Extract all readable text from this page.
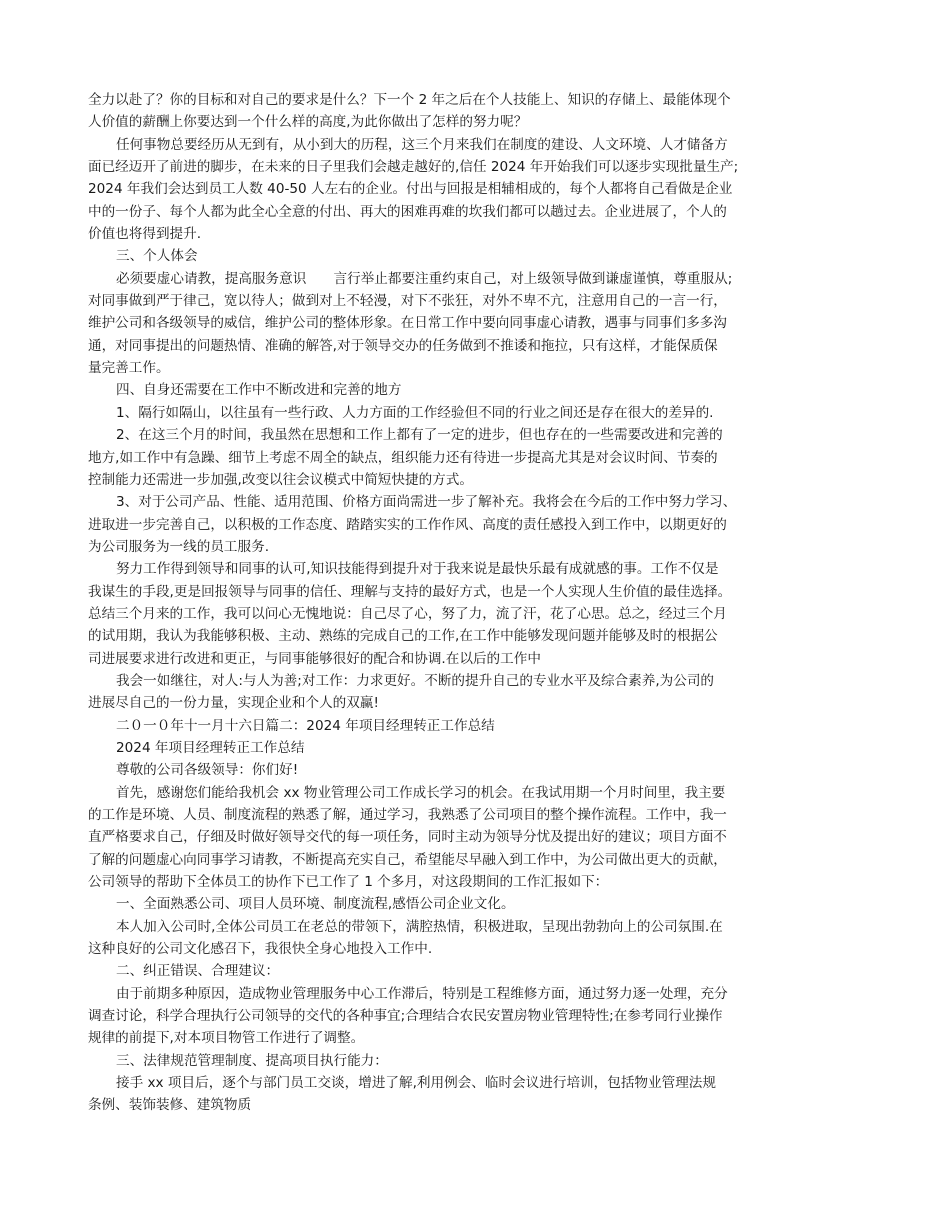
全力以赴了？你的目标和对自己的要求是什么？下一个 2 年之后在个人技能上、知识的存储上、最能体现个
人价值的薪酬上你要达到一个什么样的高度,为此你做出了怎样的努力呢？
任何事物总要经历从无到有，从小到大的历程，这三个月来我们在制度的建设、人文环境、人才储备方
面已经迈开了前进的脚步，在未来的日子里我们会越走越好的,信任 2024 年开始我们可以逐步实现批量生产;
2024 年我们会达到员工人数 40-50 人左右的企业。付出与回报是相辅相成的，每个人都将自己看做是企业
中的一份子、每个人都为此全心全意的付出、再大的困难再难的坎我们都可以趟过去。企业进展了，个人的
价值也将得到提升.
三、个人体会
必须要虚心请教，提高服务意识　　言行举止都要注重约束自己，对上级领导做到谦虚谨慎，尊重服从;
对同事做到严于律己，宽以待人；做到对上不轻漫，对下不张狂，对外不卑不亢，注意用自己的一言一行，
维护公司和各级领导的威信，维护公司的整体形象。在日常工作中要向同事虚心请教，遇事与同事们多多沟
通，对同事提出的问题热情、准确的解答,对于领导交办的任务做到不推诿和拖拉，只有这样，才能保质保
量完善工作。
四、自身还需要在工作中不断改进和完善的地方
1、隔行如隔山，以往虽有一些行政、人力方面的工作经验但不同的行业之间还是存在很大的差异的.
2、在这三个月的时间，我虽然在思想和工作上都有了一定的进步，但也存在的一些需要改进和完善的
地方,如工作中有急躁、细节上考虑不周全的缺点，组织能力还有待进一步提高尤其是对会议时间、节奏的
控制能力还需进一步加强,改变以往会议模式中简短快捷的方式。
3、对于公司产品、性能、适用范围、价格方面尚需进一步了解补充。我将会在今后的工作中努力学习、
进取进一步完善自己，以积极的工作态度、踏踏实实的工作作风、高度的责任感投入到工作中，以期更好的
为公司服务为一线的员工服务.
努力工作得到领导和同事的认可,知识技能得到提升对于我来说是最快乐最有成就感的事。工作不仅是
我谋生的手段,更是回报领导与同事的信任、理解与支持的最好方式，也是一个人实现人生价值的最佳选择。
总结三个月来的工作，我可以问心无愧地说：自己尽了心，努了力，流了汗，花了心思。总之，经过三个月
的试用期，我认为我能够积极、主动、熟练的完成自己的工作,在工作中能够发现问题并能够及时的根据公
司进展要求进行改进和更正，与同事能够很好的配合和协调.在以后的工作中
我会一如继往，对人:与人为善;对工作：力求更好。不断的提升自己的专业水平及综合素养,为公司的
进展尽自己的一份力量，实现企业和个人的双赢!
二０一０年十一月十六日篇二：2024 年项目经理转正工作总结
2024 年项目经理转正工作总结
尊敬的公司各级领导：你们好!
首先，感谢您们能给我机会 xx 物业管理公司工作成长学习的机会。在我试用期一个月时间里，我主要
的工作是环境、人员、制度流程的熟悉了解，通过学习，我熟悉了公司项目的整个操作流程。工作中，我一
直严格要求自己，仔细及时做好领导交代的每一项任务，同时主动为领导分忧及提出好的建议；项目方面不
了解的问题虚心向同事学习请教，不断提高充实自己，希望能尽早融入到工作中，为公司做出更大的贡献，
公司领导的帮助下全体员工的协作下已工作了 1 个多月，对这段期间的工作汇报如下：
一、全面熟悉公司、项目人员环境、制度流程,感悟公司企业文化。
本人加入公司时,全体公司员工在老总的带领下，满腔热情，积极进取，呈现出勃勃向上的公司氛围.在
这种良好的公司文化感召下，我很快全身心地投入工作中.
二、纠正错误、合理建议：
由于前期多种原因，造成物业管理服务中心工作滞后，特别是工程维修方面，通过努力逐一处理，充分
调查讨论，科学合理执行公司领导的交代的各种事宜;合理结合农民安置房物业管理特性;在参考同行业操作
规律的前提下,对本项目物管工作进行了调整。
三、法律规范管理制度、提高项目执行能力：
接手 xx 项目后，逐个与部门员工交谈，增进了解,利用例会、临时会议进行培训，包括物业管理法规
条例、装饰装修、建筑物质
